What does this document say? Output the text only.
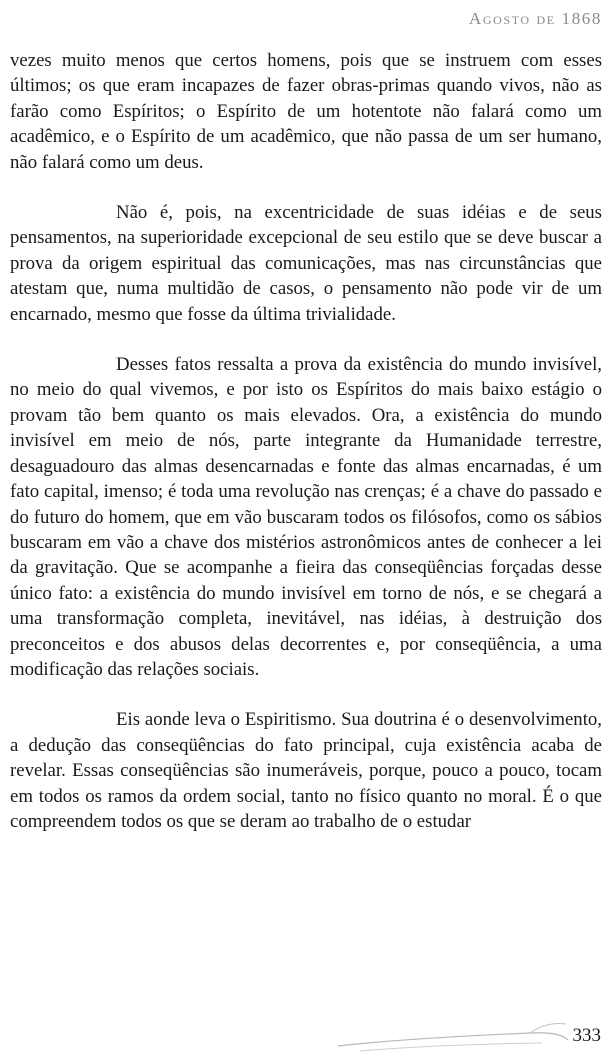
Agosto de 1868

vezes muito menos que certos homens, pois que se instruem com esses últimos; os que eram incapazes de fazer obras-primas quando vivos, não as farão como Espíritos; o Espírito de um hotentote não falará como um acadêmico, e o Espírito de um acadêmico, que não passa de um ser humano, não falará como um deus.

Não é, pois, na excentricidade de suas idéias e de seus pensamentos, na superioridade excepcional de seu estilo que se deve buscar a prova da origem espiritual das comunicações, mas nas circunstâncias que atestam que, numa multidão de casos, o pensamento não pode vir de um encarnado, mesmo que fosse da última trivialidade.

Desses fatos ressalta a prova da existência do mundo invisível, no meio do qual vivemos, e por isto os Espíritos do mais baixo estágio o provam tão bem quanto os mais elevados. Ora, a existência do mundo invisível em meio de nós, parte integrante da Humanidade terrestre, desaguadouro das almas desencarnadas e fonte das almas encarnadas, é um fato capital, imenso; é toda uma revolução nas crenças; é a chave do passado e do futuro do homem, que em vão buscaram todos os filósofos, como os sábios buscaram em vão a chave dos mistérios astronômicos antes de conhecer a lei da gravitação. Que se acompanhe a fieira das conseqüências forçadas desse único fato: a existência do mundo invisível em torno de nós, e se chegará a uma transformação completa, inevitável, nas idéias, à destruição dos preconceitos e dos abusos delas decorrentes e, por conseqüência, a uma modificação das relações sociais.

Eis aonde leva o Espiritismo. Sua doutrina é o desenvolvimento, a dedução das conseqüências do fato principal, cuja existência acaba de revelar. Essas conseqüências são inumeráveis, porque, pouco a pouco, tocam em todos os ramos da ordem social, tanto no físico quanto no moral. É o que compreendem todos os que se deram ao trabalho de o estudar

333
